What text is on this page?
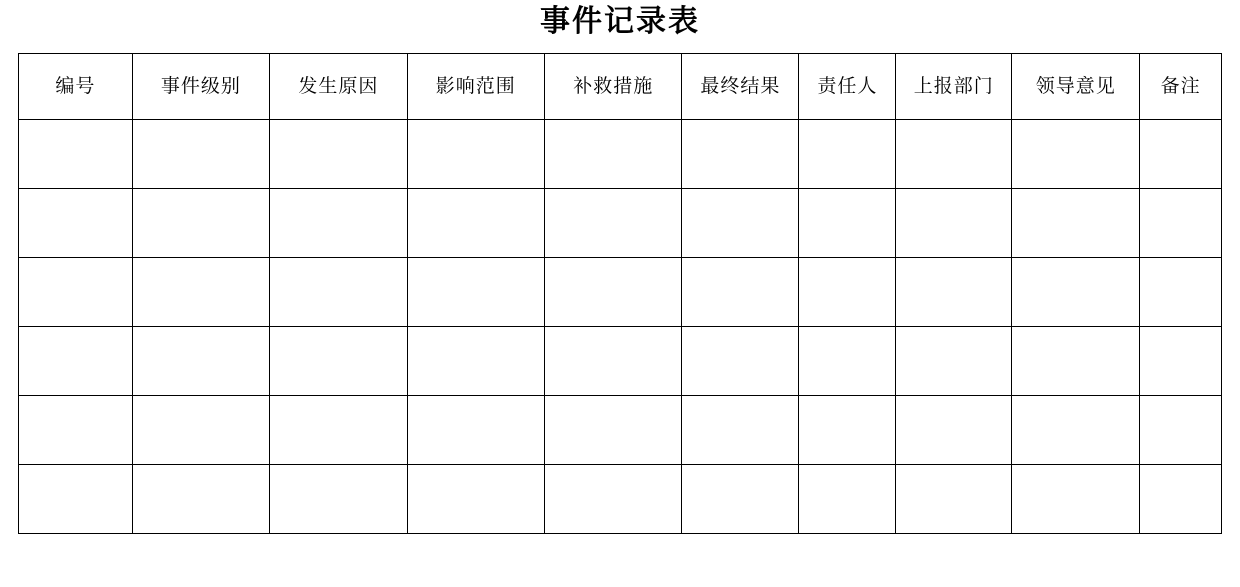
事件记录表
编号	事件级别	发生原因	影响范围	补救措施	最终结果	责任人	上报部门	领导意见	备注
